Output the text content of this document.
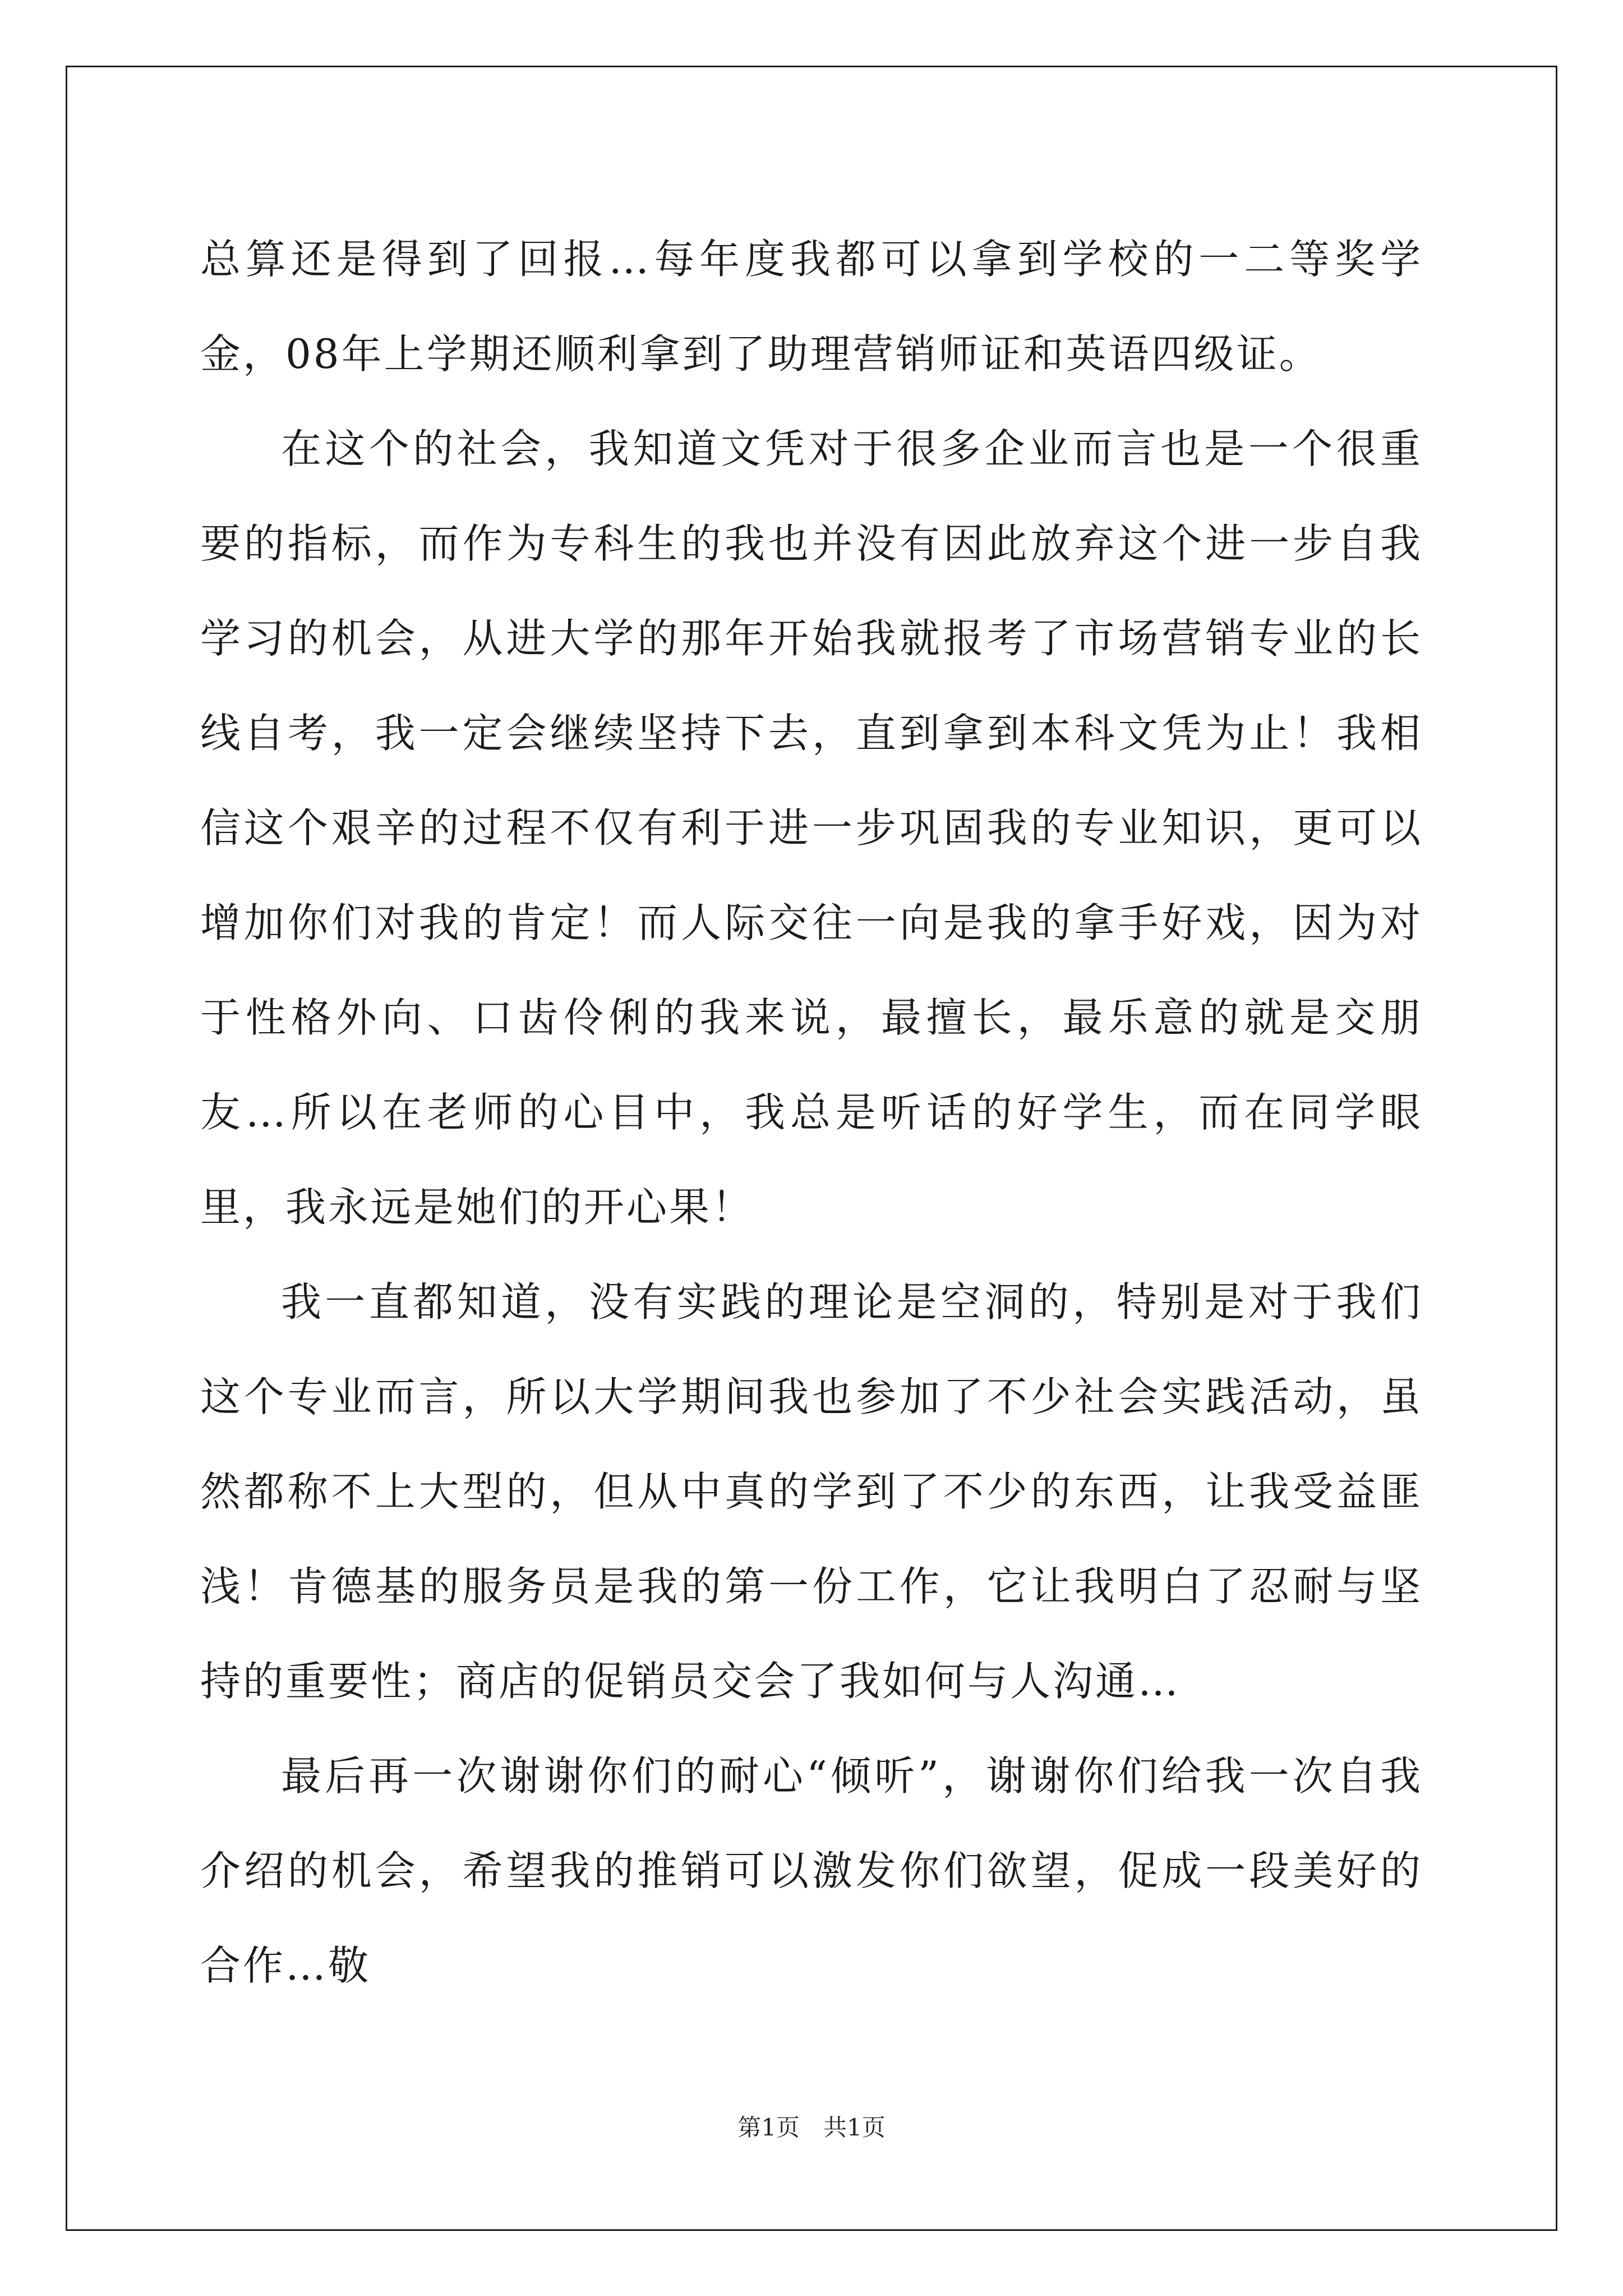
总算还是得到了回报…每年度我都可以拿到学校的一二等奖学金，08年上学期还顺利拿到了助理营销师证和英语四级证。

在这个的社会，我知道文凭对于很多企业而言也是一个很重要的指标，而作为专科生的我也并没有因此放弃这个进一步自我学习的机会，从进大学的那年开始我就报考了市场营销专业的长线自考，我一定会继续坚持下去，直到拿到本科文凭为止！我相信这个艰辛的过程不仅有利于进一步巩固我的专业知识，更可以增加你们对我的肯定！而人际交往一向是我的拿手好戏，因为对于性格外向、口齿伶俐的我来说，最擅长，最乐意的就是交朋友…所以在老师的心目中，我总是听话的好学生，而在同学眼里，我永远是她们的开心果！

我一直都知道，没有实践的理论是空洞的，特别是对于我们这个专业而言，所以大学期间我也参加了不少社会实践活动，虽然都称不上大型的，但从中真的学到了不少的东西，让我受益匪浅！肯德基的服务员是我的第一份工作，它让我明白了忍耐与坚持的重要性；商店的促销员交会了我如何与人沟通…

最后再一次谢谢你们的耐心“倾听”，谢谢你们给我一次自我介绍的机会，希望我的推销可以激发你们欲望，促成一段美好的合作…敬

第1页　共1页
